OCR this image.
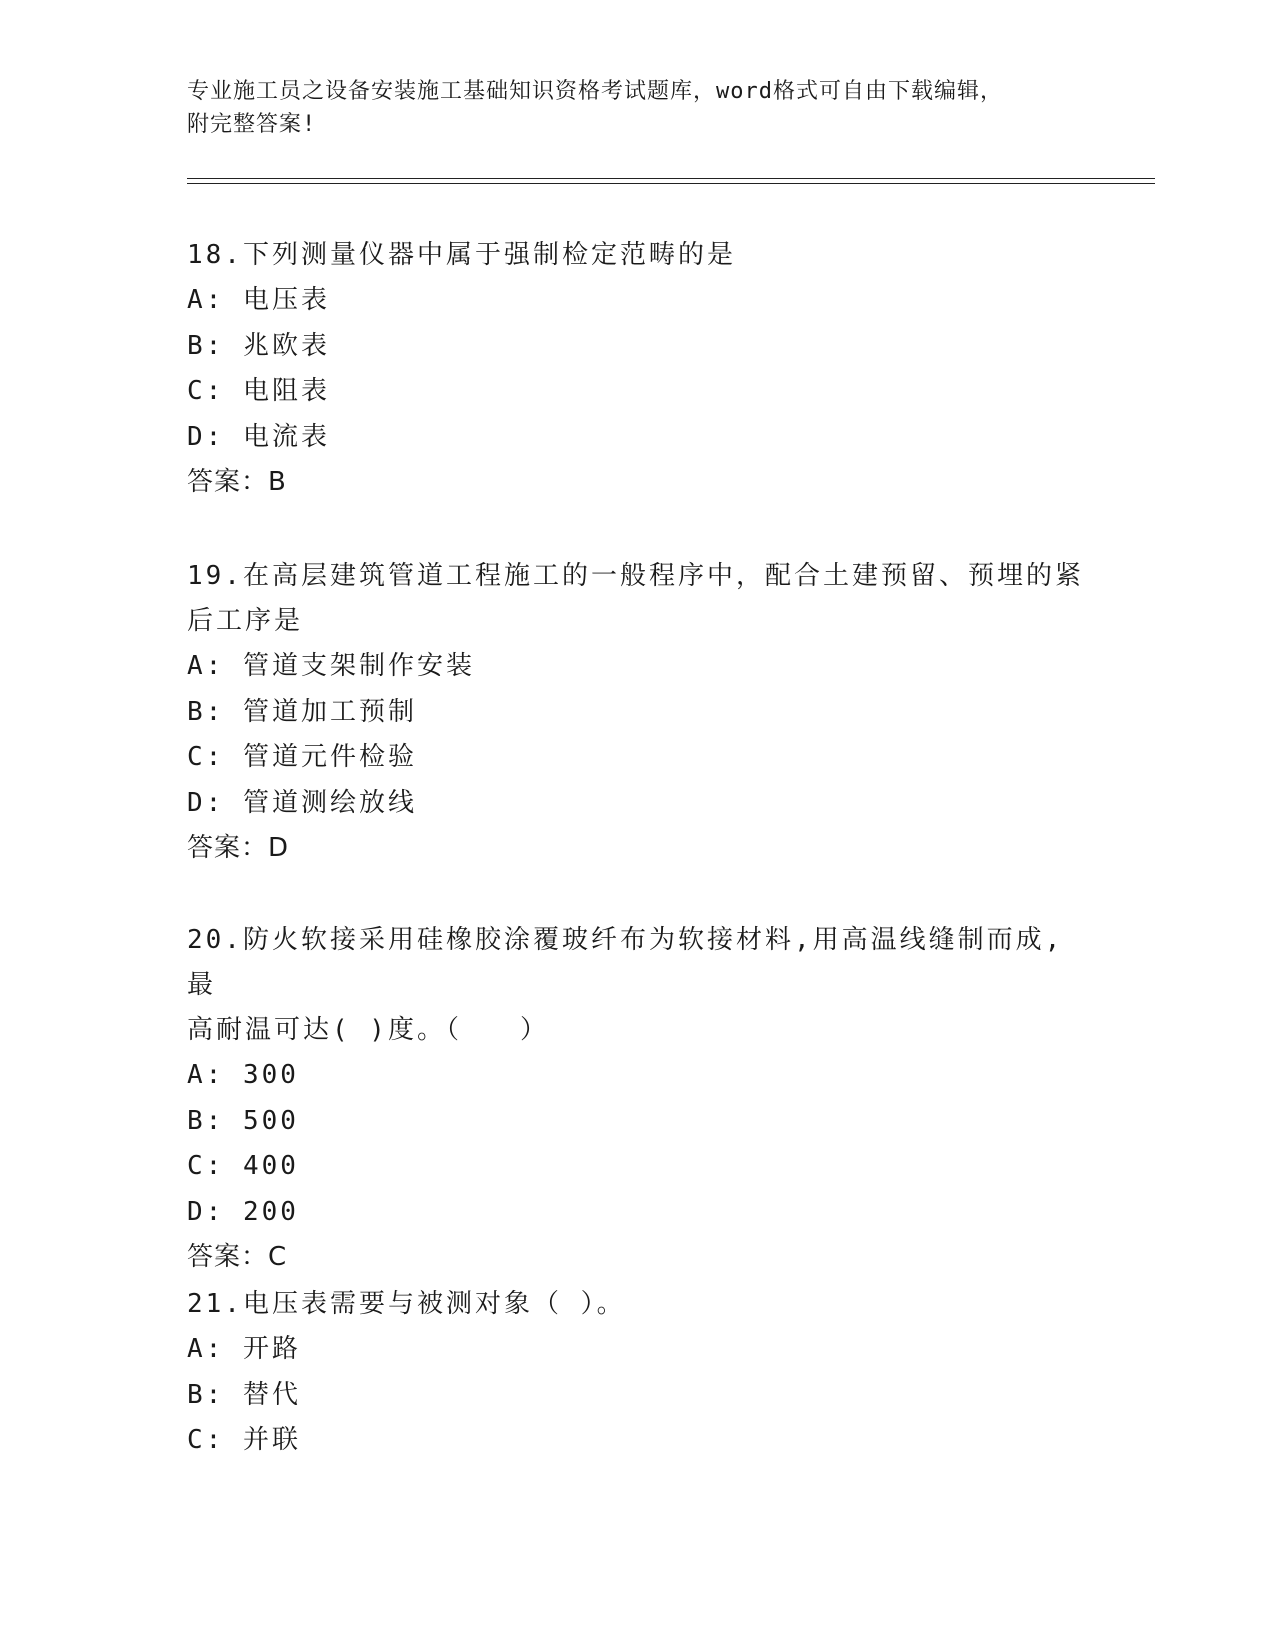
专业施工员之设备安装施工基础知识资格考试题库，word格式可自由下载编辑，
附完整答案!

18.下列测量仪器中属于强制检定范畴的是

A: 电压表

B: 兆欧表

C: 电阻表

D: 电流表

答案：B

19.在高层建筑管道工程施工的一般程序中，配合土建预留、预埋的紧

后工序是

A: 管道支架制作安装

B: 管道加工预制

C: 管道元件检验

D: 管道测绘放线

答案：D

20.防火软接采用硅橡胶涂覆玻纤布为软接材料,用高温线缝制而成,最

高耐温可达( )度。（　　）

A: 300

B: 500

C: 400

D: 200

答案：C

21.电压表需要与被测对象（ ）。

A: 开路

B: 替代

C: 并联
